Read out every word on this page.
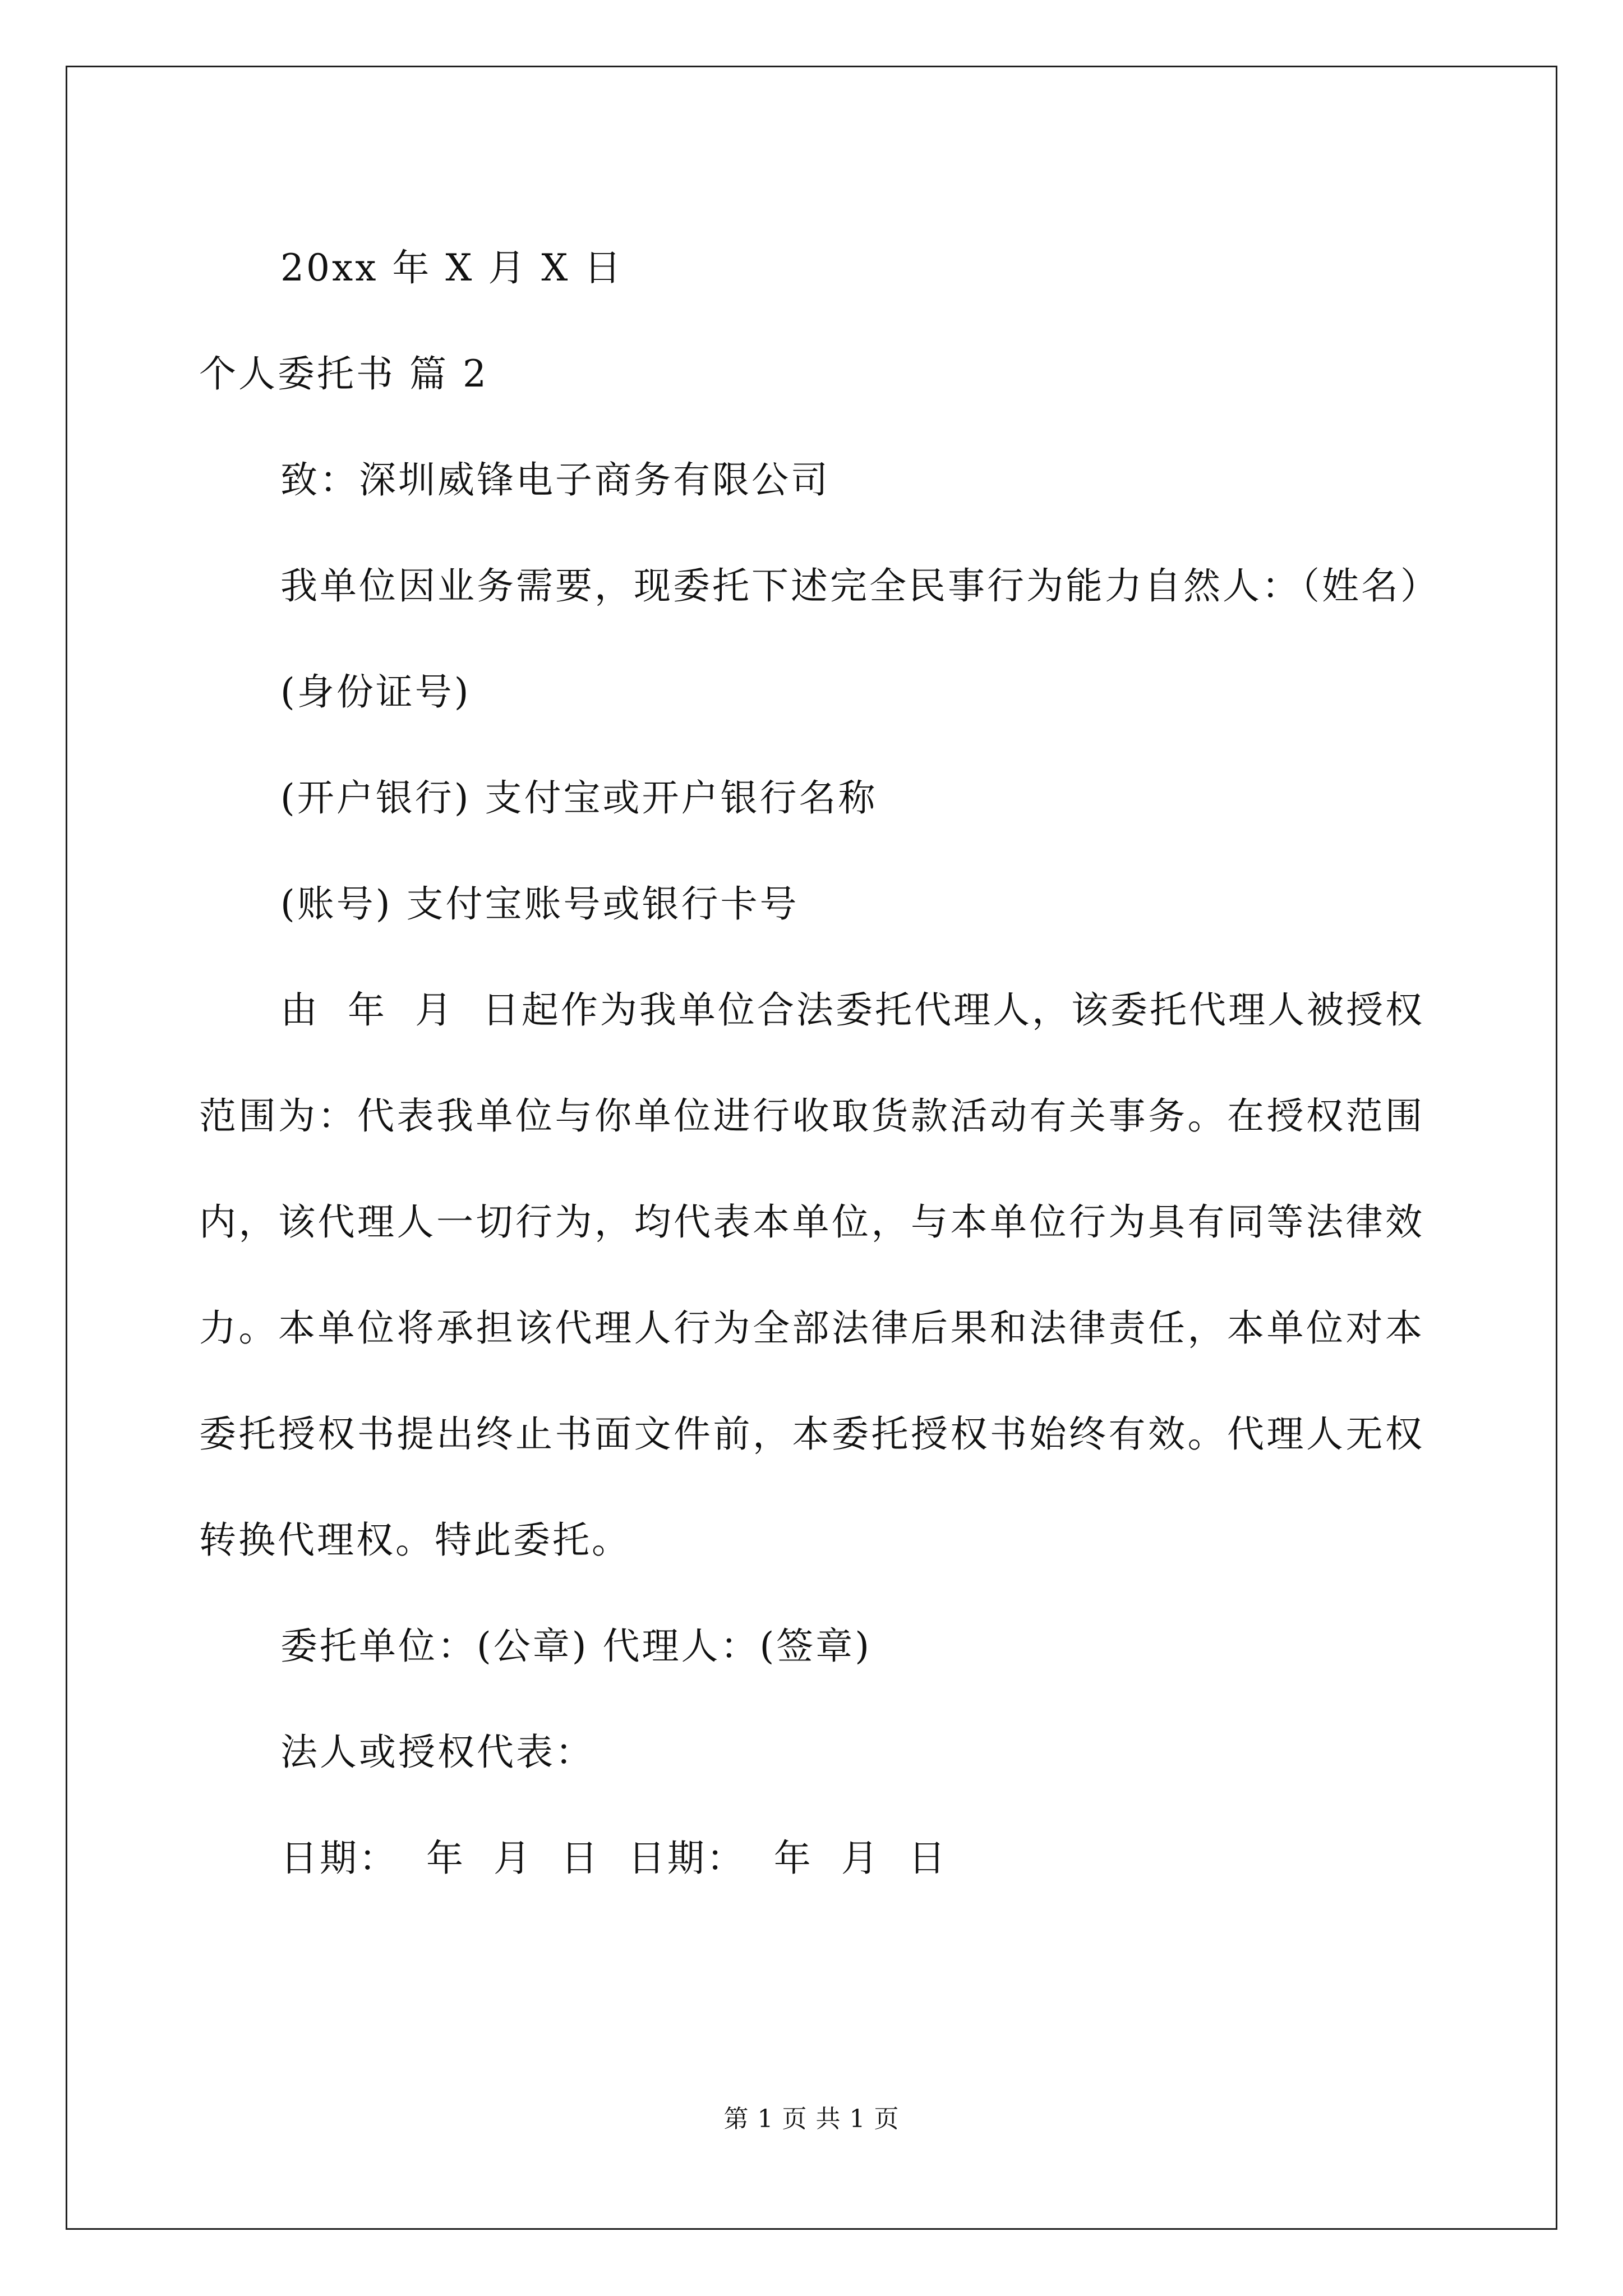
20xx 年 X 月 X 日

个人委托书 篇 2

致：深圳威锋电子商务有限公司

我单位因业务需要，现委托下述完全民事行为能力自然人：（姓名）

(身份证号)

(开户银行) 支付宝或开户银行名称

(账号) 支付宝账号或银行卡号

由  年  月  日起作为我单位合法委托代理人，该委托代理人被授权范围为：代表我单位与你单位进行收取货款活动有关事务。在授权范围内，该代理人一切行为，均代表本单位，与本单位行为具有同等法律效力。本单位将承担该代理人行为全部法律后果和法律责任，本单位对本委托授权书提出终止书面文件前，本委托授权书始终有效。代理人无权转换代理权。特此委托。

委托单位：(公章) 代理人：(签章)

法人或授权代表：

日期：  年  月  日  日期：  年  月  日

第 1 页 共 1 页
